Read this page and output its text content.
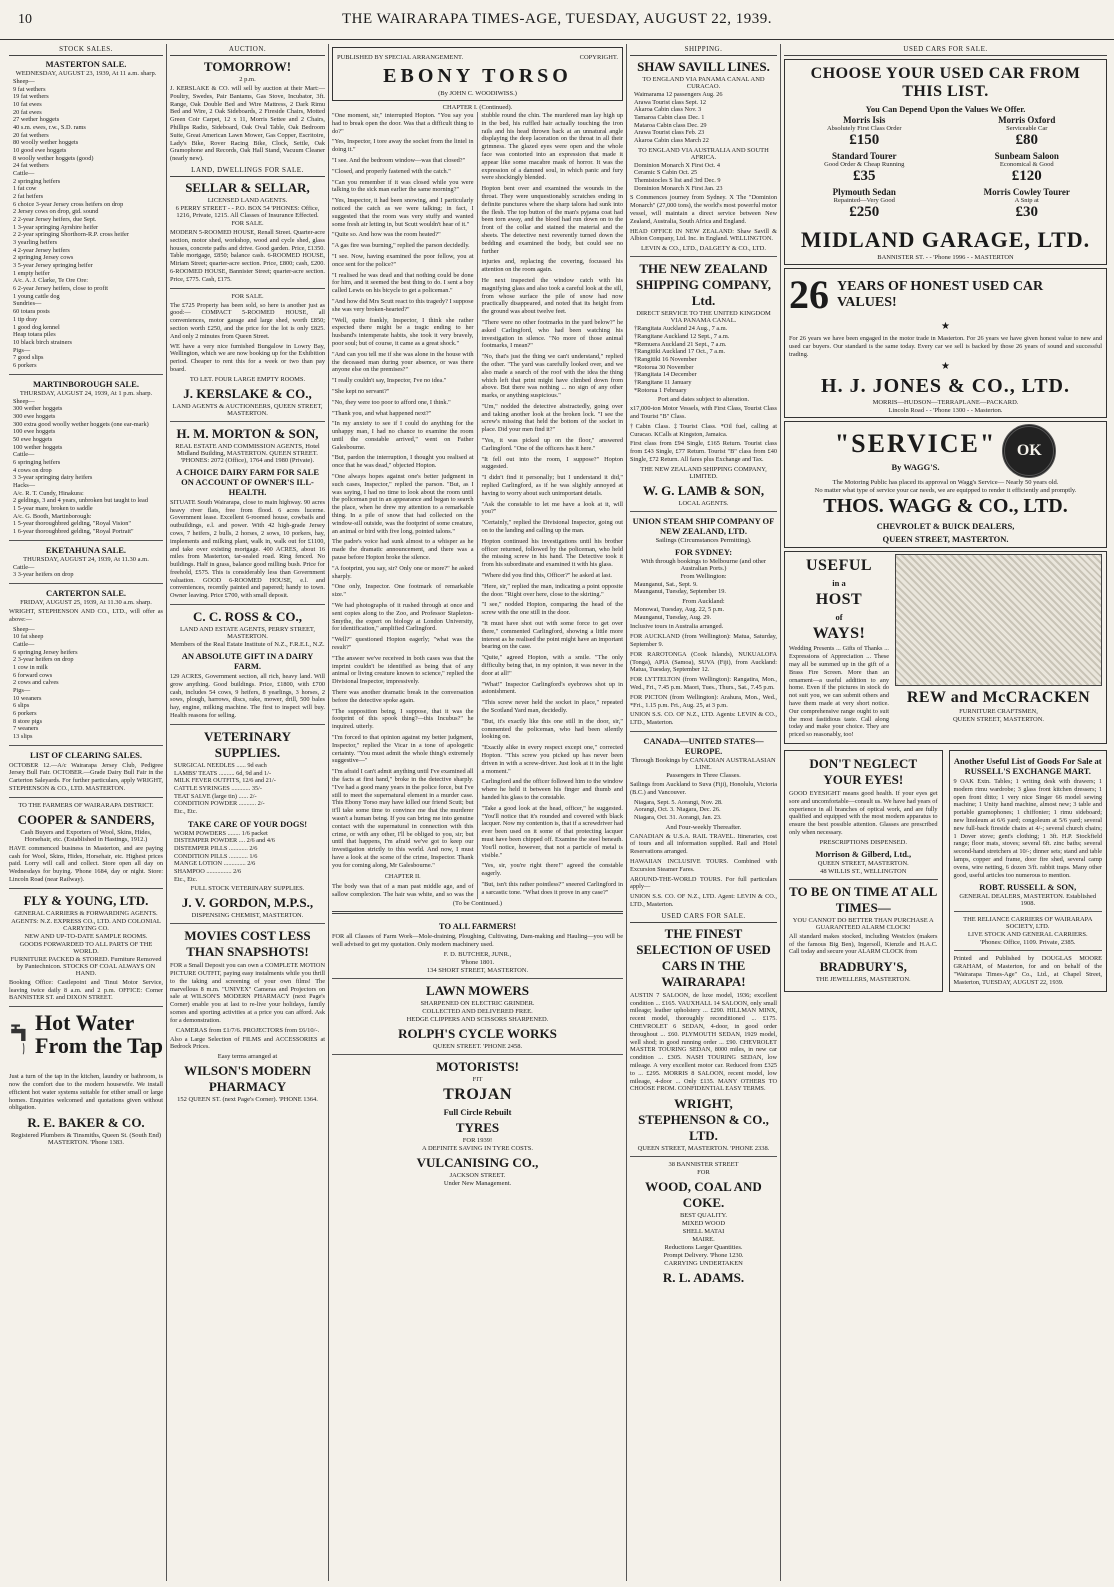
10	THE WAIRARAPA TIMES-AGE, TUESDAY, AUGUST 22, 1939.
STOCK SALES.
MASTERTON SALE.
WEDNESDAY, AUGUST 23, 1939, At 11 a.m. sharp.
Sheep—
9 fat wethers
19 fat wethers
10 fat ewes
20 fat ewes
27 wether hoggets
40 s.m. ewes, r.w., S.D. rams
20 fat wethers
80 woolly wether hoggets
10 good ewe hoggets
8 woolly wether hoggets (good)
24 fat wethers
Cattle—
2 springing heifers
1 fat cow
2 fat heifers
6 choice 3-year Jersey cross heifers on drop
2 Jersey cows on drop, gtd. sound
2 2-year Jersey heifers, due Sept.
1 3-year springing Ayrshire heifer
2 2-year springing Shorthorn-R.P. cross heifer
3 yearling heifers
4 2-year Jersey heifers
2 springing Jersey cows
3 5-year Jersey springing heifer
1 empty heifer
A/c. A. J. Clarke, Te Ore Ore:
6 2-year Jersey heifers, close to profit
1 young cattle dog
Sundries—
60 totara posts
1 tip dray
1 good dog kennel
Heap totara piles
10 black birch strainers
Pigs—
7 good slips
6 porkers
MARTINBOROUGH SALE.
THURSDAY, AUGUST 24, 1939, At 1 p.m. sharp.
Sheep—
300 wether hoggets
300 ewe hoggets
300 extra good woolly wether hoggets (one ear-mark)
100 ewe hoggets
50 ewe hoggets
100 wether hoggets
Cattle—
6 springing heifers
4 cows on drop
3 3-year springing dairy heifers
Hacks—
A/c. R. T. Cundy, Hinakura:
2 geldings, 3 and 4 years, unbroken but taught to lead
1 5-year mare, broken to saddle
A/c. G. Booth, Martinborough:
1 5-year thoroughbred gelding, "Royal Vision"
1 6-year thoroughbred gelding, "Royal Portrait"
EKETAHUNA SALE.
THURSDAY, AUGUST 24, 1939, At 11.30 a.m.
Cattle—
3 3-year heifers on drop
CARTERTON SALE.
FRIDAY, AUGUST 25, 1939, At 11.30 a.m. sharp.
WRIGHT, STEPHENSON AND CO., LTD., will offer as above:—
Sheep—
10 fat sheep
Cattle—
6 springing Jersey heifers
2 3-year heifers on drop
1 cow in milk
6 forward cows
2 cows and calves
Pigs—
10 weaners
6 slips
6 porkers
8 store pigs
7 weaners
13 slips
LIST OF CLEARING SALES.
OCTOBER 12.—A/c Wairarapa Jersey Club, Pedigree Jersey Bull Fair. OCTOBER.—Grade Dairy Bull Fair in the Carterton Saleyards. For further particulars, apply WRIGHT, STEPHENSON & CO., LTD. MASTERTON.
TO THE FARMERS OF WAIRARAPA DISTRICT.
COOPER & SANDERS,
Cash Buyers and Exporters of Wool, Skins, Hides, Horsehair, etc. (Established in Hastings, 1912.)
HAVE commenced business in Masterton, and are paying cash for Wool, Skins, Hides, Horsehair, etc. Highest prices paid. Lorry will call and collect. Store open all day on Wednesdays for buying. 'Phone 1684, day or night. Store: Lincoln Road (near Railway).
FLY & YOUNG, LTD.
GENERAL CARRIERS & FORWARDING AGENTS.
AGENTS: N.Z. EXPRESS CO., LTD. AND COLONIAL CARRYING CO.
NEW AND UP-TO-DATE SAMPLE ROOMS.
GOODS FORWARDED TO ALL PARTS OF THE WORLD.
FURNITURE PACKED & STORED. Furniture Removed by Pantechnicon. STOCKS OF COAL ALWAYS ON HAND.
Booking Office: Castlepoint and Tinui Motor Service, leaving twice daily 8 a.m. and 2 p.m. OFFICE: Corner BANNISTER ST. and DIXON STREET.
Hot Water From the Tap
Just a turn of the tap in the kitchen, laundry or bathroom, is now the comfort due to the modern housewife. We install efficient hot water systems suitable for either small or large homes. Enquiries welcomed and quotations given without obligation.
R. E. BAKER & CO.
Registered Plumbers & Tinsmiths, Queen St. (South End) MASTERTON. 'Phone 1383.
AUCTION.
TOMORROW!
2 p.m.
J. KERSLAKE & CO. will sell by auction at their Mart:— Poultry, Swedes, Pair Bantams, Gas Stove, Incubator, 3ft. Range, Oak Double Bed and Wire Mattress, 2 Dark Rimu Bed and Wire, 2 Oak Sideboards, 2 Fireside Chairs, Motted Green Coir Carpet, 12 x 11, Morris Settee and 2 Chairs, Phillips Radio, Sideboard, Oak Oval Table, Oak Bedroom Suite, Great American Lawn Mower, Gas Copper, Escritoire, Lady's Bike, Rover Racing Bike, Clock, Settle, Oak Gramophone and Records, Oak Hall Stand, Vacuum Cleaner (nearly new).
LAND, DWELLINGS FOR SALE.
SELLAR & SELLAR,
LICENSED LAND AGENTS.
6 PERRY STREET - - P.O. BOX 54 'PHONES: Office, 1216, Private, 1215. All Classes of Insurance Effected.
FOR SALE.
MODERN 5-ROOMED HOUSE, Renall Street. Quarter-acre section, motor shed, workshop, wood and cycle shed, glass houses, concrete paths and drive. Good garden. Price, £1350. Table mortgage, £850; balance cash. 6-ROOMED HOUSE, Miriam Street; quarter-acre section. Price, £800; cash, £200. 6-ROOMED HOUSE, Bannister Street; quarter-acre section. Price, £775. Cash, £175.
FOR SALE.
The £725 Property has been sold, so here is another just as good:— COMPACT 5-ROOMED HOUSE, all conveniences, motor garage and large shed, worth £850; section worth £250, and the price for the lot is only £825. And only 2 minutes from Queen Street.
WE have a very nice furnished Bungalow in Lowry Bay, Wellington, which we are now booking up for the Exhibition period. Cheaper to rent this for a week or two than pay board.
TO LET. FOUR LARGE EMPTY ROOMS.
J. KERSLAKE & CO.,
LAND AGENTS & AUCTIONEERS, QUEEN STREET, MASTERTON.
H. M. MORTON & SON,
REAL ESTATE AND COMMISSION AGENTS, Hotel Midland Building, MASTERTON. QUEEN STREET. 'PHONES: 2072 (Office), 1764 and 1980 (Private).
A CHOICE DAIRY FARM FOR SALE ON ACCOUNT OF OWNER'S ILL-HEALTH.
SITUATE South Wairarapa, close to main highway. 90 acres heavy river flats, free from flood. 6 acres lucerne. Government lease. Excellent 6-roomed house, cowbails and outbuildings, e.l. and power. With 42 high-grade Jersey cows, 7 heifers, 2 bulls, 2 horses, 2 sows, 10 porkers, hay, implements and milking plant, walk in, walk out for £1100, and take over existing mortgage. 400 ACRES, about 16 miles from Masterton, tar-sealed road. Ring fenced. No buildings. Half in grass, balance good milling bush. Price for freehold, £575. This is considerably less than Government valuation. GOOD 6-ROOMED HOUSE, e.l. and conveniences, recently painted and papered; handy to town. Owner leaving. Price £700, with small deposit.
C. C. ROSS & CO.,
LAND AND ESTATE AGENTS, PERRY STREET, MASTERTON.
Members of the Real Estate Institute of N.Z., F.R.E.I., N.Z.
AN ABSOLUTE GIFT IN A DAIRY FARM.
129 ACRES, Government section, all rich, heavy land. Will grow anything. Good buildings. Price, £1800, with £700 cash, includes 54 cows, 9 heifers, 8 yearlings, 3 horses, 2 sows, plough, harrows, discs, rake, mower, drill, 500 bales hay, engine, milking machine. The first to inspect will buy. Health reasons for selling.
VETERINARY SUPPLIES.
SURGICAL NEEDLES ...... 9d each
LAMBS' TEATS .......... 6d, 9d and 1/-
MILK FEVER OUTFITS, 12/6 and 21/-
CATTLE SYRINGES ............ 35/-
TEAT SALVE (large tin) ...... 2/-
CONDITION POWDER ........... 2/-
Etc., Etc.
TAKE CARE OF YOUR DOGS!
WORM POWDERS ........ 1/6 packet
DISTEMPER POWDER .... 2/6 and 4/6
DISTEMPER PILLS ............ 2/6
CONDITION PILLS ............ 1/6
MANGE LOTION .............. 2/6
SHAMPOO ................ 2/6
Etc., Etc.
FULL STOCK VETERINARY SUPPLIES.
J. V. GORDON, M.P.S.,
DISPENSING CHEMIST, MASTERTON.
MOVIES COST LESS THAN SNAPSHOTS!
FOR a Small Deposit you can own a COMPLETE MOTION PICTURE OUTFIT, paying easy instalments while you thrill to the taking and screening of your own films! The marvellous 8 m.m. "UNIVEX" Cameras and Projectors on sale at WILSON'S MODERN PHARMACY (next Page's Corner) enable you at last to re-live your holidays, family scenes and sporting activities at a price you can afford. Ask for a demonstration.
CAMERAS from £1/7/6. PROJECTORS from £6/10/-.
Also a Large Selection of FILMS and ACCESSORIES at Bedrock Prices.
Easy terms arranged at
WILSON'S MODERN PHARMACY
152 QUEEN ST. (next Page's Corner). 'PHONE 1364.
PUBLISHED BY SPECIAL ARRANGEMENT.	COPYRIGHT.
EBONY TORSO
(By JOHN C. WOODIWISS.)
CHAPTER I. (Continued).
"One moment, sir," interrupted Hopton. "You say you had to break open the door. Was that a difficult thing to do?"
"Yes, Inspector, I tore away the socket from the lintel in doing it."
"I see. And the bedroom window—was that closed?"
"Closed, and properly fastened with the catch."
"Can you remember if it was closed while you were talking to the sick man earlier the same morning?"
"Yes, Inspector, it had been snowing, and I particularly noticed the catch as we were talking; in fact, I suggested that the room was very stuffy and wanted some fresh air letting in, but Scutt wouldn't hear of it."
"Quite so. And how was the room heated?"
"A gas fire was burning," replied the parson decidedly.
"I see. Now, having examined the poor fellow, you at once sent for the police?"
"I realised he was dead and that nothing could be done for him, and it seemed the best thing to do. I sent a boy called Lewis on his bicycle to get a policeman."
"And how did Mrs Scutt react to this tragedy? I suppose she was very broken-hearted?"
"Well, quite frankly, Inspector, I think she rather expected there might be a tragic ending to her husband's intemperate habits, she took it very bravely, poor soul; but of course, it came as a great shock."
"And can you tell me if she was alone in the house with the deceased man during your absence, or was there anyone else on the premises?"
"I really couldn't say, Inspector, I've no idea."
"She kept no servant?"
"No, they were too poor to afford one, I think."
"Thank you, and what happened next?"
"In my anxiety to see if I could do anything for the unhappy man, I had no chance to examine the room until the constable arrived," went on Father Galesbourne.
"But, pardon the interruption, I thought you realised at once that he was dead," objected Hopton.
"One always hopes against one's better judgment in such cases, Inspector," replied the parson. "But, as I was saying, I had no time to look about the room until the policeman put in an appearance and began to search the place, when he drew my attention to a remarkable thing. In a pile of snow that had collected on the window-sill outside, was the footprint of some creature, an animal or bird with five long, pointed talons."
The padre's voice had sunk almost to a whisper as he made the dramatic announcement, and there was a pause before Hopton broke the silence.
"A footprint, you say, sir? Only one or more?" he asked sharply.
"One only, Inspector. One footmark of remarkable size."
"We had photographs of it rushed through at once and sent copies along to the Zoo, and Professor Stapleton-Smythe, the expert on biology at London University, for identification," amplified Carlingford.
"Well?" questioned Hopton eagerly; "what was the result?"
"The answer we've received in both cases was that the imprint couldn't be identified as being that of any animal or living creature known to science," replied the Divisional Inspector, impressively.
There was another dramatic break in the conversation before the detective spoke again.
"The supposition being, I suppose, that it was the footprint of this spook thing?—this Incubus?" he inquired. utterly.
"I'm forced to that opinion against my better judgment, Inspector," replied the Vicar in a tone of apologetic certainty. "You must admit the whole thing's extremely suggestive—"
"I'm afraid I can't admit anything until I've examined all the facts at first hand," broke in the detective sharply. "I've had a good many years in the police force, but I've still to meet the supernatural element in a murder case. This Ebony Torso may have killed our friend Scutt; but it'll take some time to convince me that the murderer wasn't a human being. If you can bring me into genuine contact with the supernatural in connection with this crime, or with any other, I'll be obliged to you, sir; but until that happens, I'm afraid we've got to keep our investigation strictly to this world. And now, I must have a look at the scene of the crime, Inspector. Thank you for coming along, Mr Galesbourne."
CHAPTER II.
The body was that of a man past middle age, and of sallow complexion. The hair was white, and so was the stubble round the chin. The murdered man lay high up in the bed, his ruffled hair actually touching the iron rails and his head thrown back at an unnatural angle displaying the deep laceration on the throat in all their grimness. The glazed eyes were open and the whole face was contorted into an expression that made it appear like some macabre mask of horror. It was the expression of a damned soul, in which panic and fury were shockingly blended.
Hopton bent over and examined the wounds in the throat. They were unquestionably scratches ending in definite punctures where the sharp talons had sunk into the flesh. The top button of the man's pyjama coat had been torn away, and the blood had run down on to the front of the collar and stained the material and the sheets. The detective next reverently turned down the bedding and examined the body, but could see no further
injuries and, replacing the covering, focussed his attention on the room again.
He next inspected the window catch with his magnifying glass and also took a careful look at the sill, from whose surface the pile of snow had now practically disappeared, and noted that its height from the ground was about twelve feet.
"There were no other footmarks in the yard below?" he asked Carlingford, who had been watching his investigation in silence. "No more of those animal footmarks, I mean?"
"No, that's just the thing we can't understand," replied the other. "The yard was carefully looked over, and we also made a search of the roof with the idea the thing which left that print might have climbed down from above. But there was nothing ... no sign of any other marks, or anything suspicious."
"Um," nodded the detective abstractedly, going over and taking another look at the broken lock. "I see the screw's missing that held the bottom of the socket in place. Did your men find it?"
"Yes, it was picked up on the floor," answered Carlingford. "One of the officers has it here."
"It fell out into the room, I suppose?" Hopton suggested.
"I didn't find it personally; but I understand it did," replied Carlingford, as if he was slightly annoyed at having to worry about such unimportant details.
"Ask the constable to let me have a look at it, will you?"
"Certainly," replied the Divisional Inspector, going out on to the landing and calling up the man.
Hopton continued his investigations until his brother officer returned, followed by the policeman, who held the missing screw in his hand. The Detective took it from his subordinate and examined it with his glass.
"Where did you find this, Officer?" he asked at last.
"Here, sir," replied the man, indicating a point opposite the door. "Right over here, close to the skirting."
"I see," nodded Hopton, comparing the head of the screw with the one still in the door.
"It must have shot out with some force to get over there," commented Carlingford, showing a little more interest as he realised the point might have an important bearing on the case.
"Quite," agreed Hopton, with a smile. "The only difficulty being that, in my opinion, it was never in the door at all!"
"What!" Inspector Carlingford's eyebrows shot up in astonishment.
"This screw never held the socket in place," repeated the Scotland Yard man, decidedly.
"But, it's exactly like this one still in the door, sir," commented the policeman, who had been silently looking on.
"Exactly alike in every respect except one," corrected Hopton. "This screw you picked up has never been driven in with a screw-driver. Just look at it in the light a moment."
Carlingford and the officer followed him to the window where he held it between his finger and thumb and handed his glass to the constable.
"Take a good look at the head, officer," he suggested. "You'll notice that it's rounded and covered with black lacquer. Now my contention is, that if a screwdriver had ever been used on it some of that protecting lacquer must have been chipped off. Examine the steel beneath. You'll notice, however, that not a particle of metal is visible."
"Yes, sir, you're right there!" agreed the constable eagerly.
"But, isn't this rather pointless?" sneered Carlingford in a sarcastic tone. "What does it prove in any case?"
(To be Continued.)
TO ALL FARMERS!
FOR all Classes of Farm Work—Mole-draining, Ploughing, Cultivating, Dam-making and Hauling—you will be well advised to get my quotation. Only modern machinery used.
F. D. BUTCHER, JUNR.,
'Phone 1801.
134 SHORT STREET, MASTERTON.
LAWN MOWERS
SHARPENED ON ELECTRIC GRINDER.
COLLECTED AND DELIVERED FREE.
HEDGE CLIPPERS AND SCISSORS SHARPENED.
ROLPH'S CYCLE WORKS
QUEEN STREET. 'PHONE 2458.
MOTORISTS!
FIT
TROJAN
Full Circle Rebuilt
TYRES
FOR 1939!
A DEFINITE SAVING IN TYRE COSTS.
VULCANISING CO.,
JACKSON STREET.
Under New Management.
SHIPPING.
SHAW SAVILL LINES.
TO ENGLAND VIA PANAMA CANAL AND CURACAO.
Waimarama 12 passengers Aug. 26
Arawa Tourist class Sept. 12
Akaroa Cabin class Nov. 3
Tamaroa Cabin class Dec. 1
Mataroa Cabin class Dec. 29
Arawa Tourist class Feb. 23
Akaroa Cabin class March 22
TO ENGLAND VIA AUSTRALIA AND SOUTH AFRICA.
Dominion Monarch X First Oct. 4
Ceramic S Cabin Oct. 25
Themistocles S list and 3rd Dec. 9
Dominion Monarch X First Jan. 23
S Commences journey from Sydney. X The "Dominion Monarch" (27,000 tons), the world's most powerful motor vessel, will maintain a direct service between New Zealand, Australia, South Africa and England.
HEAD OFFICE IN NEW ZEALAND: Shaw Savill & Albion Company, Ltd. Inc. in England. WELLINGTON.
LEVIN & CO., LTD., DALGETY & CO., LTD.
THE NEW ZEALAND SHIPPING COMPANY, Ltd.
DIRECT SERVICE TO THE UNITED KINGDOM VIA PANAMA CANAL.
†Rangitata Auckland 24 Aug., 7 a.m.
†Rangitane Auckland 12 Sept., 7 a.m.
*Remuera Auckland 21 Sept., 7 a.m.
†Rangitiki Auckland 17 Oct., 7 a.m.
†Rangitiki 16 November
*Rotorua 30 November
†Rangitata 14 December
†Rangitane 11 January
*Rotorua 1 February
Port and dates subject to alteration.
x17,000-ton Motor Vessels, with First Class, Tourist Class and Tourist "B" Class.
†Cabin Class. ‡Tourist Class. *Oil fuel, calling at Curacao. KCalls at Kingston, Jamaica.
First class from £94 Single, £165 Return. Tourist class from £43 Single, £77 Return. Tourist "B" class from £40 Single, £72 Return. All fares plus Exchange and Tax.
THE NEW ZEALAND SHIPPING COMPANY, LIMITED.
W. G. LAMB & SON,
LOCAL AGENTS.
UNION STEAM SHIP COMPANY OF NEW ZEALAND, LTD.
Sailings (Circumstances Permitting).
FOR SYDNEY:
With through bookings to Melbourne (and other Australian Ports.)
From Wellington:
Maunganui, Sat., Sept. 9.
Maunganui, Tuesday, September 19.
From Auckland:
Monowai, Tuesday, Aug. 22, 5 p.m.
Maunganui, Tuesday, Aug. 29.
Inclusive tours in Australia arranged.
FOR AUCKLAND (from Wellington): Matua, Saturday, September 9.
FOR RAROTONGA (Cook Islands), NUKUALOFA (Tonga), APIA (Samoa), SUVA (Fiji), from Auckland: Matua, Tuesday, September 12.
FOR LYTTELTON (from Wellington): Rangatira, Mon., Wed., Fri., 7.45 p.m. Maori, Tues., Thurs., Sat., 7.45 p.m.
FOR PICTON (from Wellington): Arahura, Mon., Wed., *Fri., 1.15 p.m. Fri., Aug. 25, at 3 p.m.
UNION S.S. CO. OF N.Z., LTD. Agents: LEVIN & CO., LTD., Masterton.
CANADA—UNITED STATES—EUROPE.
Through Bookings by CANADIAN AUSTRALASIAN LINE.
Passengers in Three Classes.
Sailings from Auckland to Suva (Fiji), Honolulu, Victoria (B.C.) and Vancouver.
Niagara, Sept. 5. Aorangi, Nov. 28.
Aorangi, Oct. 3. Niagara, Dec. 26.
Niagara, Oct. 31. Aorangi, Jan. 23.
And Four-weekly Thereafter.
CANADIAN & U.S.A. RAIL TRAVEL. Itineraries, cost of tours and all information supplied. Rail and Hotel Reservations arranged.
HAWAIIAN INCLUSIVE TOURS. Combined with Excursion Steamer Fares.
AROUND-THE-WORLD TOURS. For full particulars apply—
UNION S.S. CO. OF N.Z., LTD. Agent: LEVIN & CO., LTD., Masterton.
USED CARS FOR SALE.
THE FINEST SELECTION OF USED CARS IN THE WAIRARAPA!
AUSTIN 7 SALOON, de luxe model, 1936; excellent condition ... £165. VAUXHALL 14 SALOON, only small mileage; leather upholstery ... £290. HILLMAN MINX, recent model, thoroughly reconditioned ... £175. CHEVROLET 6 SEDAN, 4-door, in good order throughout ... £60. PLYMOUTH SEDAN, 1929 model, well shod; in good running order ... £90. CHEVROLET MASTER TOURING SEDAN, 8000 miles, in new car condition ... £305. NASH TOURING SEDAN, low mileage. A very excellent motor car. Reduced from £325 to ... £295. MORRIS 8 SALOON, recent model, low mileage, 4-door ... Only £135. MANY OTHERS TO CHOOSE FROM. CONFIDENTIAL EASY TERMS.
WRIGHT, STEPHENSON & CO., LTD.
QUEEN STREET, MASTERTON. 'PHONE 2338.
38 BANNISTER STREET
FOR
WOOD, COAL AND COKE.
BEST QUALITY.
MIXED WOOD
SHELL MATAI
MAIRE.
Reductions Larger Quantities.
Prompt Delivery. 'Phone 1230.
CARRYING UNDERTAKEN
R. L. ADAMS.
USED CARS FOR SALE.
CHOOSE YOUR USED CAR FROM THIS LIST.
You Can Depend Upon the Values We Offer.
Morris Isis
Absolutely First Class Order
£150
Morris Oxford
Serviceable Car
£80
Standard Tourer
Good Order & Cheap Running
£35
Sunbeam Saloon
Economical & Good
£120
Plymouth Sedan
Repainted—Very Good
£250
Morris Cowley Tourer
A Snip at
£30
MIDLAND GARAGE, LTD.
BANNISTER ST. - - 'Phone 1996 - - MASTERTON
26 YEARS OF HONEST USED CAR VALUES!
★
For 26 years we have been engaged in the motor trade in Masterton. For 26 years we have given honest value to new and used car buyers. Our standard is the same today. Every car we sell is backed by those 26 years of sound and successful trading.
★
H. J. JONES & CO., LTD.
MORRIS—HUDSON—TERRAPLANE—PACKARD.
Lincoln Road - - 'Phone 1300 - - Masterton.
"SERVICE"
By WAGG'S.
OK
The Motoring Public has placed its approval on Wagg's Service— Nearly 50 years old.
No matter what type of service your car needs, we are equipped to render it efficiently and promptly.
THOS. WAGG & CO., LTD.
CHEVROLET & BUICK DEALERS,
QUEEN STREET, MASTERTON.
USEFUL
in a
HOST
of
WAYS!
Wedding Presents ... Gifts of Thanks ... Expressions of Appreciation ... These may all be summed up in the gift of a Brass Fire Screen. More than an ornament—a useful addition to any home. Even if the pictures in stock do not suit you, we can submit others and have them made at very short notice. Our comprehensive range ought to suit the most fastidious taste. Call along today and make your choice. They are priced so reasonably, too!
REW and McCRACKEN
FURNITURE CRAFTSMEN,
QUEEN STREET, MASTERTON.
DON'T NEGLECT YOUR EYES!
GOOD EYESIGHT means good health. If your eyes get sore and uncomfortable—consult us. We have had years of experience in all branches of optical work, and are fully qualified and equipped with the most modern apparatus to ensure the best possible attention. Glasses are prescribed only when necessary.
PRESCRIPTIONS DISPENSED.
Morrison & Gilberd, Ltd.,
QUEEN STREET, MASTERTON.
48 WILLIS ST., WELLINGTON
TO BE ON TIME AT ALL TIMES—
YOU CANNOT DO BETTER THAN PURCHASE A GUARANTEED ALARM CLOCK!
All standard makes stocked, including Westclox (makers of the famous Big Ben), Ingersoll, Kienzle and H.A.C. Call today and secure your ALARM CLOCK from
BRADBURY'S,
THE JEWELLERS, MASTERTON.
Another Useful List of Goods For Sale at RUSSELL'S EXCHANGE MART.
9 OAK Extn. Tables; 1 writing desk with drawers; 1 modern rimu wardrobe; 3 glass front kitchen dressers; 1 open front ditto; 1 very nice Singer 66 model sewing machine; 1 Unity hand machine, almost new; 3 table and portable gramophones; 1 chiffonier; 1 rimu sideboard; new linoleum at 6/6 yard; congoleum at 5/6 yard; several new full-back fireside chairs at 4/-; several church chairs; 1 Dover stove; gent's clothing; 1 3ft. H.P. Stockfield range; floor mats, stoves; several 6ft. zinc baths; several second-hand stretchers at 10/-; dinner sets; stand and table lamps, copper and frame, door fire shed, several camp ovens, wire netting, 6 dozen 3/ft. rabbit traps. Many other good, useful articles too numerous to mention.
ROBT. RUSSELL & SON,
GENERAL DEALERS, MASTERTON. Established 1908.
THE RELIANCE CARRIERS OF WAIRARAPA SOCIETY, LTD.
LIVE STOCK AND GENERAL CARRIERS.
'Phones: Office, 1109. Private, 2385.
Printed and Published by DOUGLAS MOORE GRAHAM, of Masterton, for and on behalf of the "Wairarapa Times-Age" Co., Ltd., at Chapel Street, Masterton, TUESDAY, AUGUST 22, 1939.
